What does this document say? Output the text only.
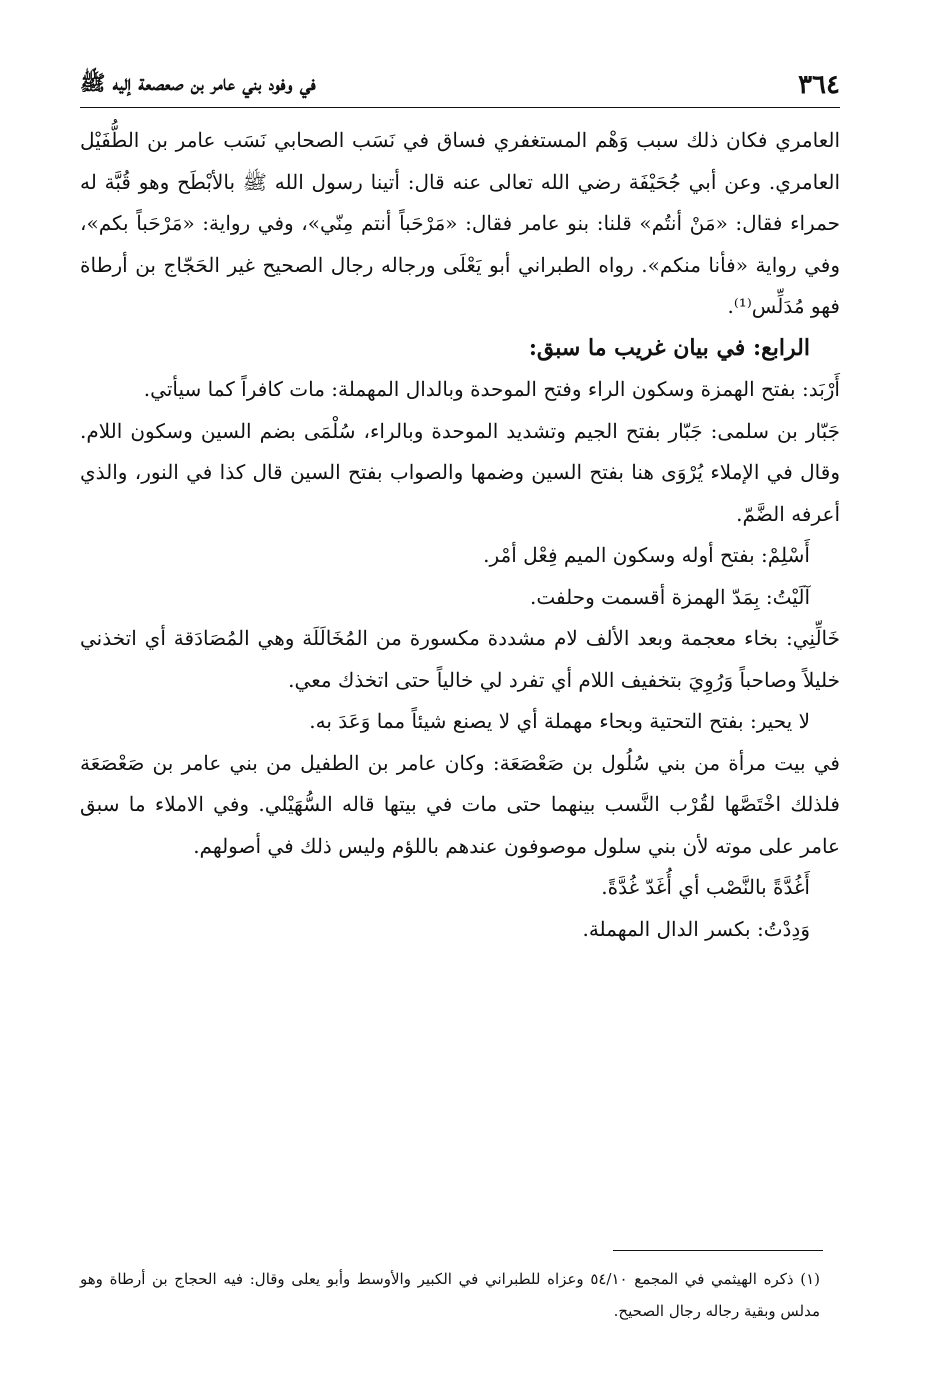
٣٦٤
في وفود بني عامر بن صعصعة إليه ﷺ

العامري فكان ذلك سبب وَهْم المستغفري فساق في نَسَب الصحابي نَسَب عامر بن الطُّفَيْل العامري. وعن أبي جُحَيْفَة رضي الله تعالى عنه قال: أتينا رسول الله ﷺ بالأبْطَح وهو قُبَّة له حمراء فقال: «مَنْ أنتُم» قلنا: بنو عامر فقال: «مَرْحَباً أنتم مِنّي»، وفي رواية: «مَرْحَباً بكم»، وفي رواية «فأنا منكم». رواه الطبراني أبو يَعْلَى ورجاله رجال الصحيح غير الحَجّاج بن أرطاة فهو مُدَلِّس⁽¹⁾.

الرابع: في بيان غريب ما سبق:

أَرْبَد: بفتح الهمزة وسكون الراء وفتح الموحدة وبالدال المهملة: مات كافراً كما سيأتي.

جَبّار بن سلمى: جَبّار بفتح الجيم وتشديد الموحدة وبالراء، سُلْمَى بضم السين وسكون اللام. وقال في الإملاء يُرْوَى هنا بفتح السين وضمها والصواب بفتح السين قال كذا في النور، والذي أعرفه الضَّمّ.

أَسْلِمْ: بفتح أوله وسكون الميم فِعْل أمْر.

آلَيْتُ: بِمَدّ الهمزة أقسمت وحلفت.

خَالِّنِي: بخاء معجمة وبعد الألف لام مشددة مكسورة من المُخَالَلَة وهي المُصَادَقة أي اتخذني خليلاً وصاحباً وَرُوِيَ بتخفيف اللام أي تفرد لي خالياً حتى اتخذك معي.

لا يحير: بفتح التحتية وبحاء مهملة أي لا يصنع شيئاً مما وَعَدَ به.

في بيت مرأة من بني سُلُول بن صَعْصَعَة: وكان عامر بن الطفيل من بني عامر بن صَعْصَعَة فلذلك اخْتَصَّها لقُرْب النَّسب بينهما حتى مات في بيتها قاله السُّهَيْلي. وفي الاملاء ما سبق عامر على موته لأن بني سلول موصوفون عندهم باللؤم وليس ذلك في أصولهم.

أَغُدَّةً بالنَّصْب أي أُغَدّ غُدَّةً.

وَدِدْتُ: بكسر الدال المهملة.

(١) ذكره الهيثمي في المجمع ٥٤/١٠ وعزاه للطبراني في الكبير والأوسط وأبو يعلى وقال: فيه الحجاج بن أرطاة وهو مدلس وبقية رجاله رجال الصحيح.
